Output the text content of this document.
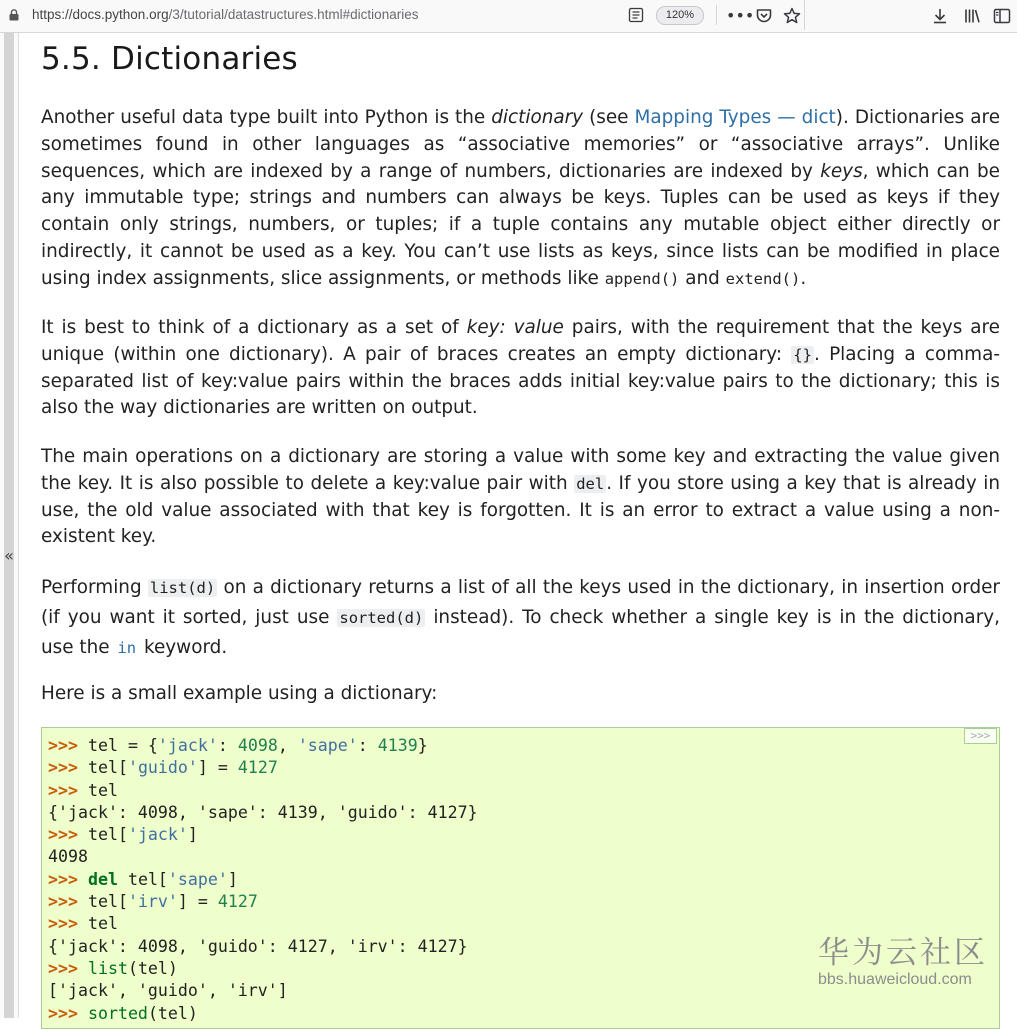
https://docs.python.org/3/tutorial/datastructures.html#dictionaries	120%	•••
«
5.5. Dictionaries

Another useful data type built into Python is the dictionary (see Mapping Types — dict). Dictionaries are sometimes found in other languages as “associative memories” or “associative arrays”. Unlike sequences, which are indexed by a range of numbers, dictionaries are indexed by keys, which can be any immutable type; strings and numbers can always be keys. Tuples can be used as keys if they contain only strings, numbers, or tuples; if a tuple contains any mutable object either directly or indirectly, it cannot be used as a key. You can’t use lists as keys, since lists can be modified in place using index assignments, slice assignments, or methods like append() and extend().

It is best to think of a dictionary as a set of key: value pairs, with the requirement that the keys are unique (within one dictionary). A pair of braces creates an empty dictionary: {} . Placing a comma-separated list of key:value pairs within the braces adds initial key:value pairs to the dictionary; this is also the way dictionaries are written on output.

The main operations on a dictionary are storing a value with some key and extracting the value given the key. It is also possible to delete a key:value pair with del . If you store using a key that is already in use, the old value associated with that key is forgotten. It is an error to extract a value using a non-existent key.

Performing list(d) on a dictionary returns a list of all the keys used in the dictionary, in insertion order (if you want it sorted, just use sorted(d) instead). To check whether a single key is in the dictionary, use the in keyword.

Here is a small example using a dictionary:

>>>
>>> tel = {'jack': 4098, 'sape': 4139}
>>> tel['guido'] = 4127
>>> tel
{'jack': 4098, 'sape': 4139, 'guido': 4127}
>>> tel['jack']
4098
>>> del tel['sape']
>>> tel['irv'] = 4127
>>> tel
{'jack': 4098, 'guido': 4127, 'irv': 4127}
>>> list(tel)
['jack', 'guido', 'irv']
>>> sorted(tel)
华为云社区
bbs.huaweicloud.com
